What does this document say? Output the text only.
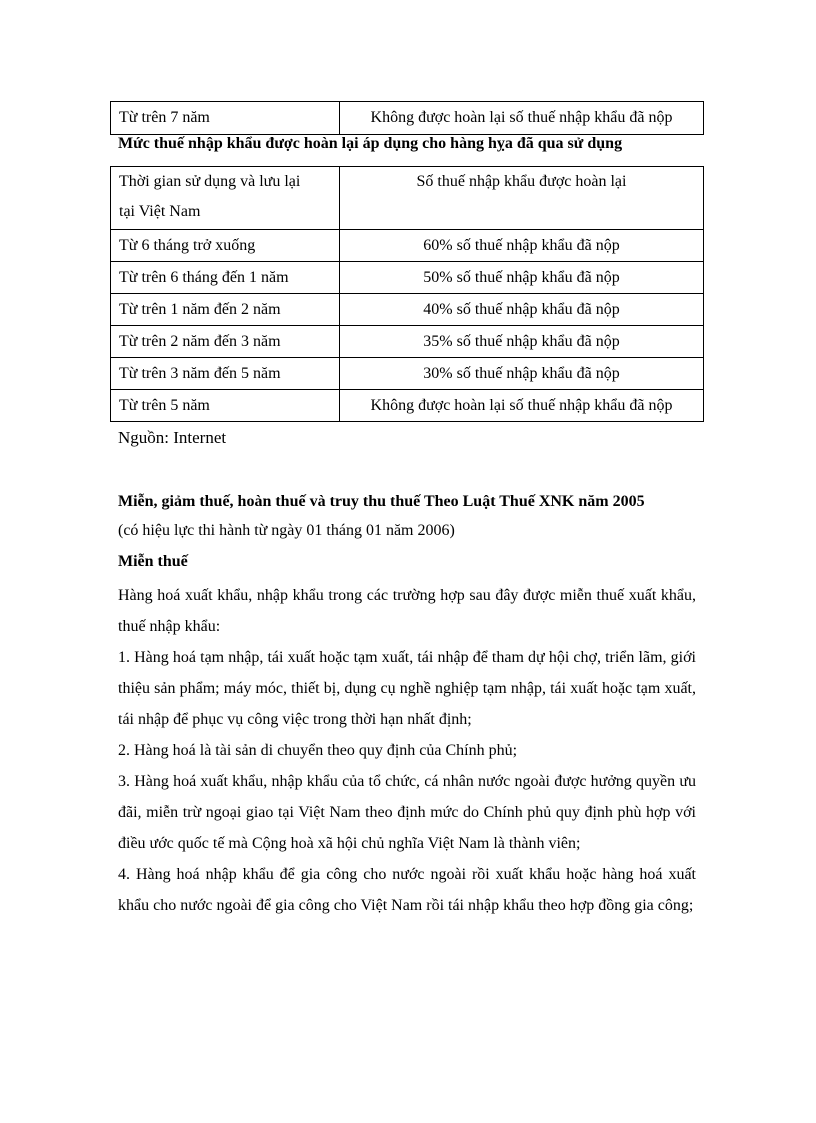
Từ trên 7 năm	Không được hoàn lại số thuế nhập khẩu đã nộp
Mức thuế nhập khẩu được hoàn lại áp dụng cho hàng hỵa đã qua sử dụng
Thời gian sử dụng và lưu lại
tại Việt Nam	Số thuế nhập khẩu được hoàn lại
Từ 6 tháng trở xuống	60% số thuế nhập khẩu đã nộp
Từ trên 6 tháng đến 1 năm	50% số thuế nhập khẩu đã nộp
Từ trên 1 năm đến 2 năm	40% số thuế nhập khẩu đã nộp
Từ trên 2 năm đến 3 năm	35% số thuế nhập khẩu đã nộp
Từ trên 3 năm đến 5 năm	30% số thuế nhập khẩu đã nộp
Từ trên 5 năm	Không được hoàn lại số thuế nhập khẩu đã nộp
Nguồn: Internet
Miễn, giảm thuế, hoàn thuế và truy thu thuế Theo Luật Thuế XNK năm 2005
(có hiệu lực thi hành từ ngày 01 tháng 01 năm 2006)
Miễn thuế

Hàng hoá xuất khẩu, nhập khẩu trong các trường hợp sau đây được miễn thuế xuất khẩu, thuế nhập khẩu:

1. Hàng hoá tạm nhập, tái xuất hoặc tạm xuất, tái nhập để tham dự hội chợ, triển lãm, giới thiệu sản phẩm; máy móc, thiết bị, dụng cụ nghề nghiệp tạm nhập, tái xuất hoặc tạm xuất, tái nhập để phục vụ công việc trong thời hạn nhất định;

2. Hàng hoá là tài sản di chuyển theo quy định của Chính phủ;

3. Hàng hoá xuất khẩu, nhập khẩu của tổ chức, cá nhân nước ngoài được hưởng quyền ưu đãi, miễn trừ ngoại giao tại Việt Nam theo định mức do Chính phủ quy định phù hợp với điều ước quốc tế mà Cộng hoà xã hội chủ nghĩa Việt Nam là thành viên;

4. Hàng hoá nhập khẩu để gia công cho nước ngoài rồi xuất khẩu hoặc hàng hoá xuất khẩu cho nước ngoài để gia công cho Việt Nam rồi tái nhập khẩu theo hợp đồng gia công;
